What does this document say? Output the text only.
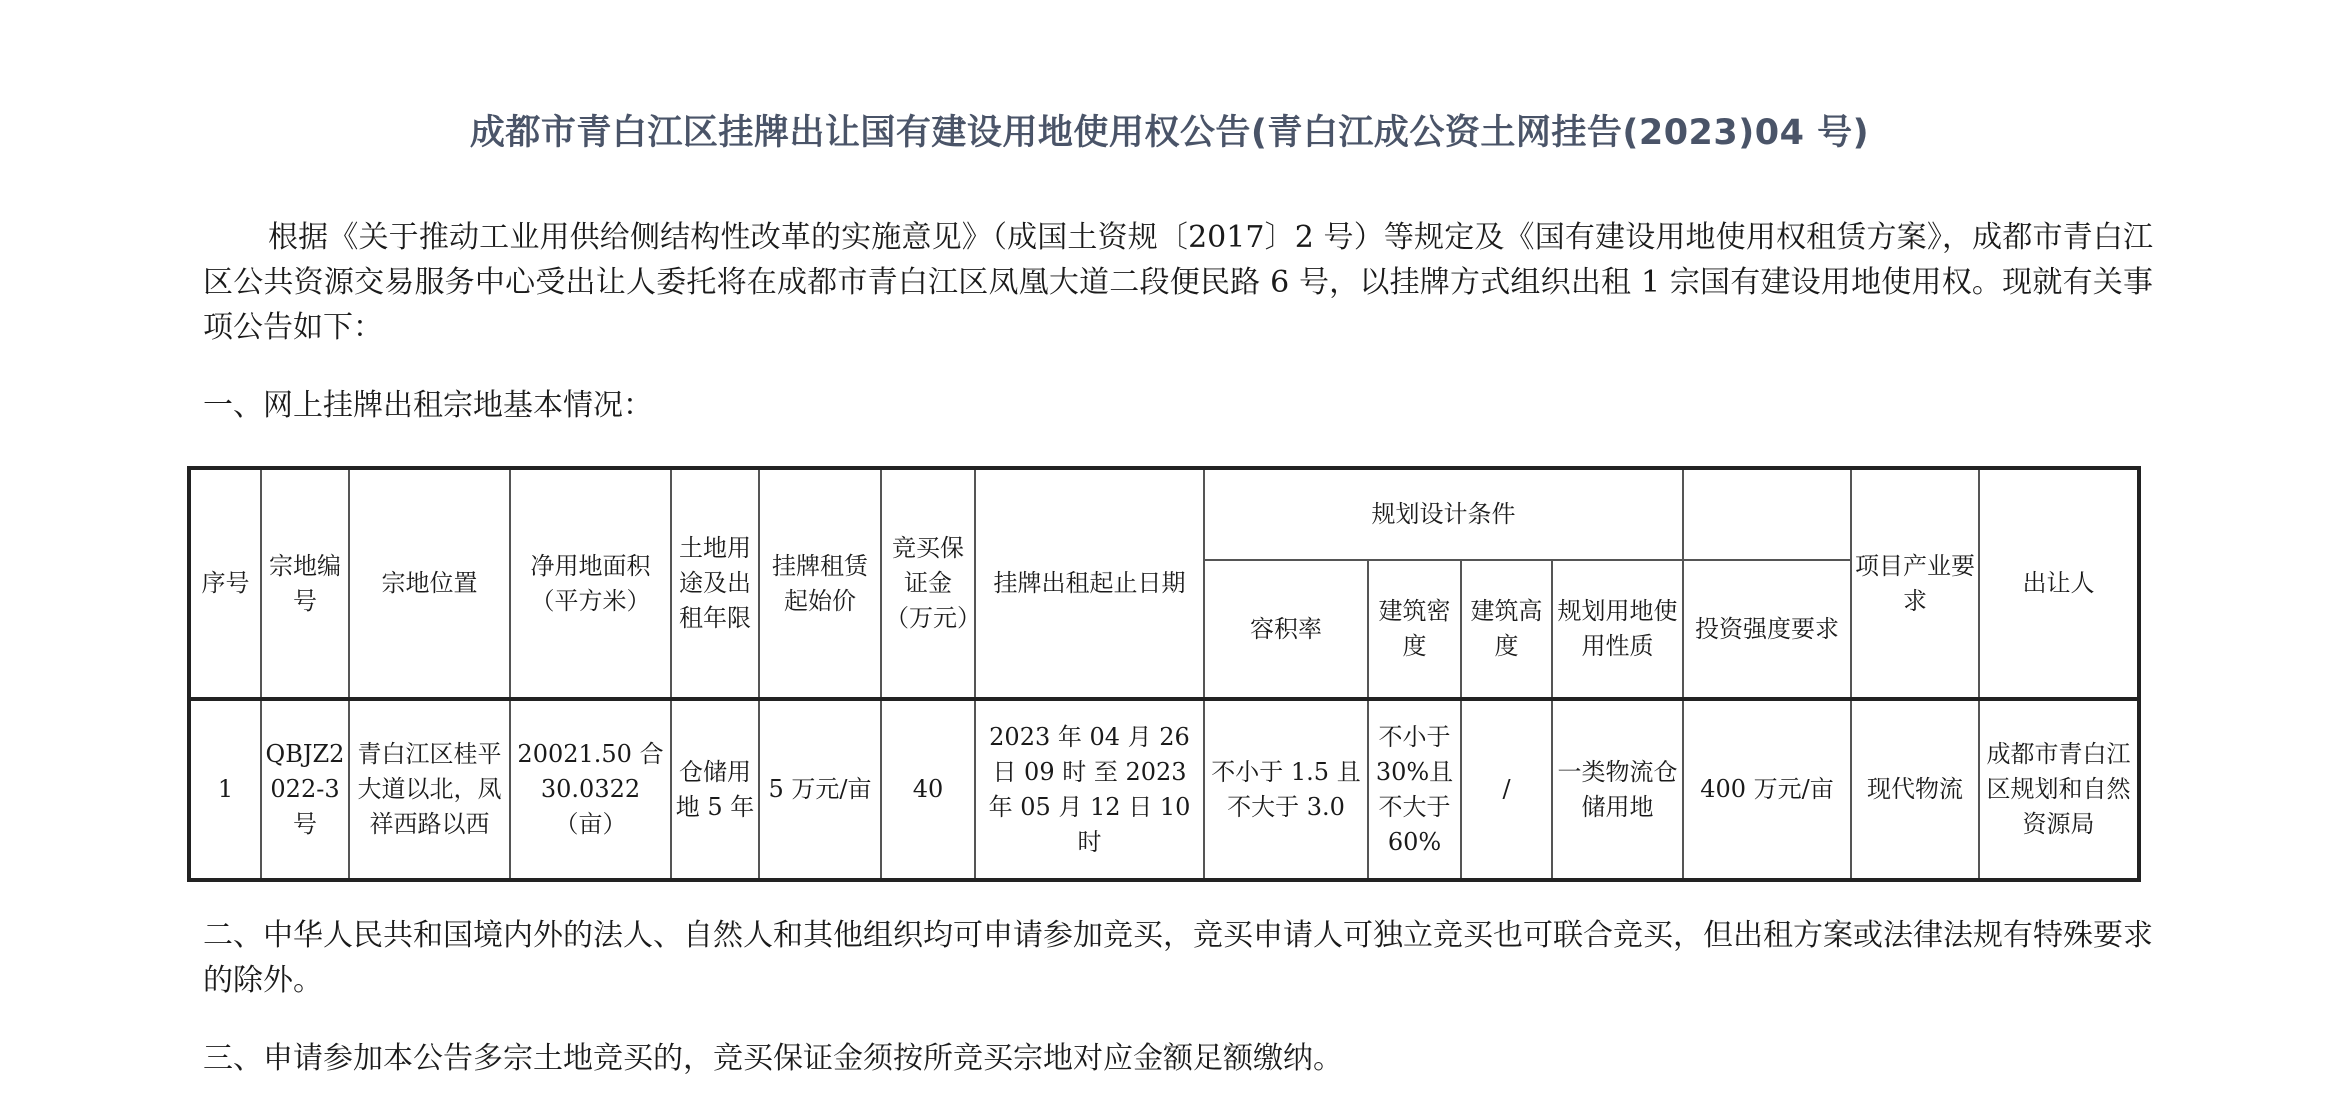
成都市青白江区挂牌出让国有建设用地使用权公告(青白江成公资土网挂告(2023)04 号)
根据《关于推动工业用供给侧结构性改革的实施意见》（成国土资规〔2017〕2 号）等规定及《国有建设用地使用权租赁方案》，成都市青白江区公共资源交易服务中心受出让人委托将在成都市青白江区凤凰大道二段便民路 6 号，以挂牌方式组织出租 1 宗国有建设用地使用权。现就有关事项公告如下：
一、网上挂牌出租宗地基本情况：
序号	宗地编号	宗地位置	净用地面积（平方米）	土地用途及出租年限	挂牌租赁起始价	竞买保证金（万元）	挂牌出租起止日期	规划设计条件					项目产业要求	出让人
								容积率	建筑密度	建筑高度	规划用地使用性质	投资强度要求		
1	QBJZ2022-3 号	青白江区桂平大道以北，凤祥西路以西	20021.50 合 30.0322（亩）	仓储用地 5 年	5 万元/亩	40	2023 年 04 月 26 日 09 时 至 2023 年 05 月 12 日 10 时	不小于 1.5 且不大于 3.0	不小于 30%且不大于 60%	/	一类物流仓储用地	400 万元/亩	现代物流	成都市青白江区规划和自然资源局
二、中华人民共和国境内外的法人、自然人和其他组织均可申请参加竞买，竞买申请人可独立竞买也可联合竞买，但出租方案或法律法规有特殊要求的除外。
三、申请参加本公告多宗土地竞买的，竞买保证金须按所竞买宗地对应金额足额缴纳。
